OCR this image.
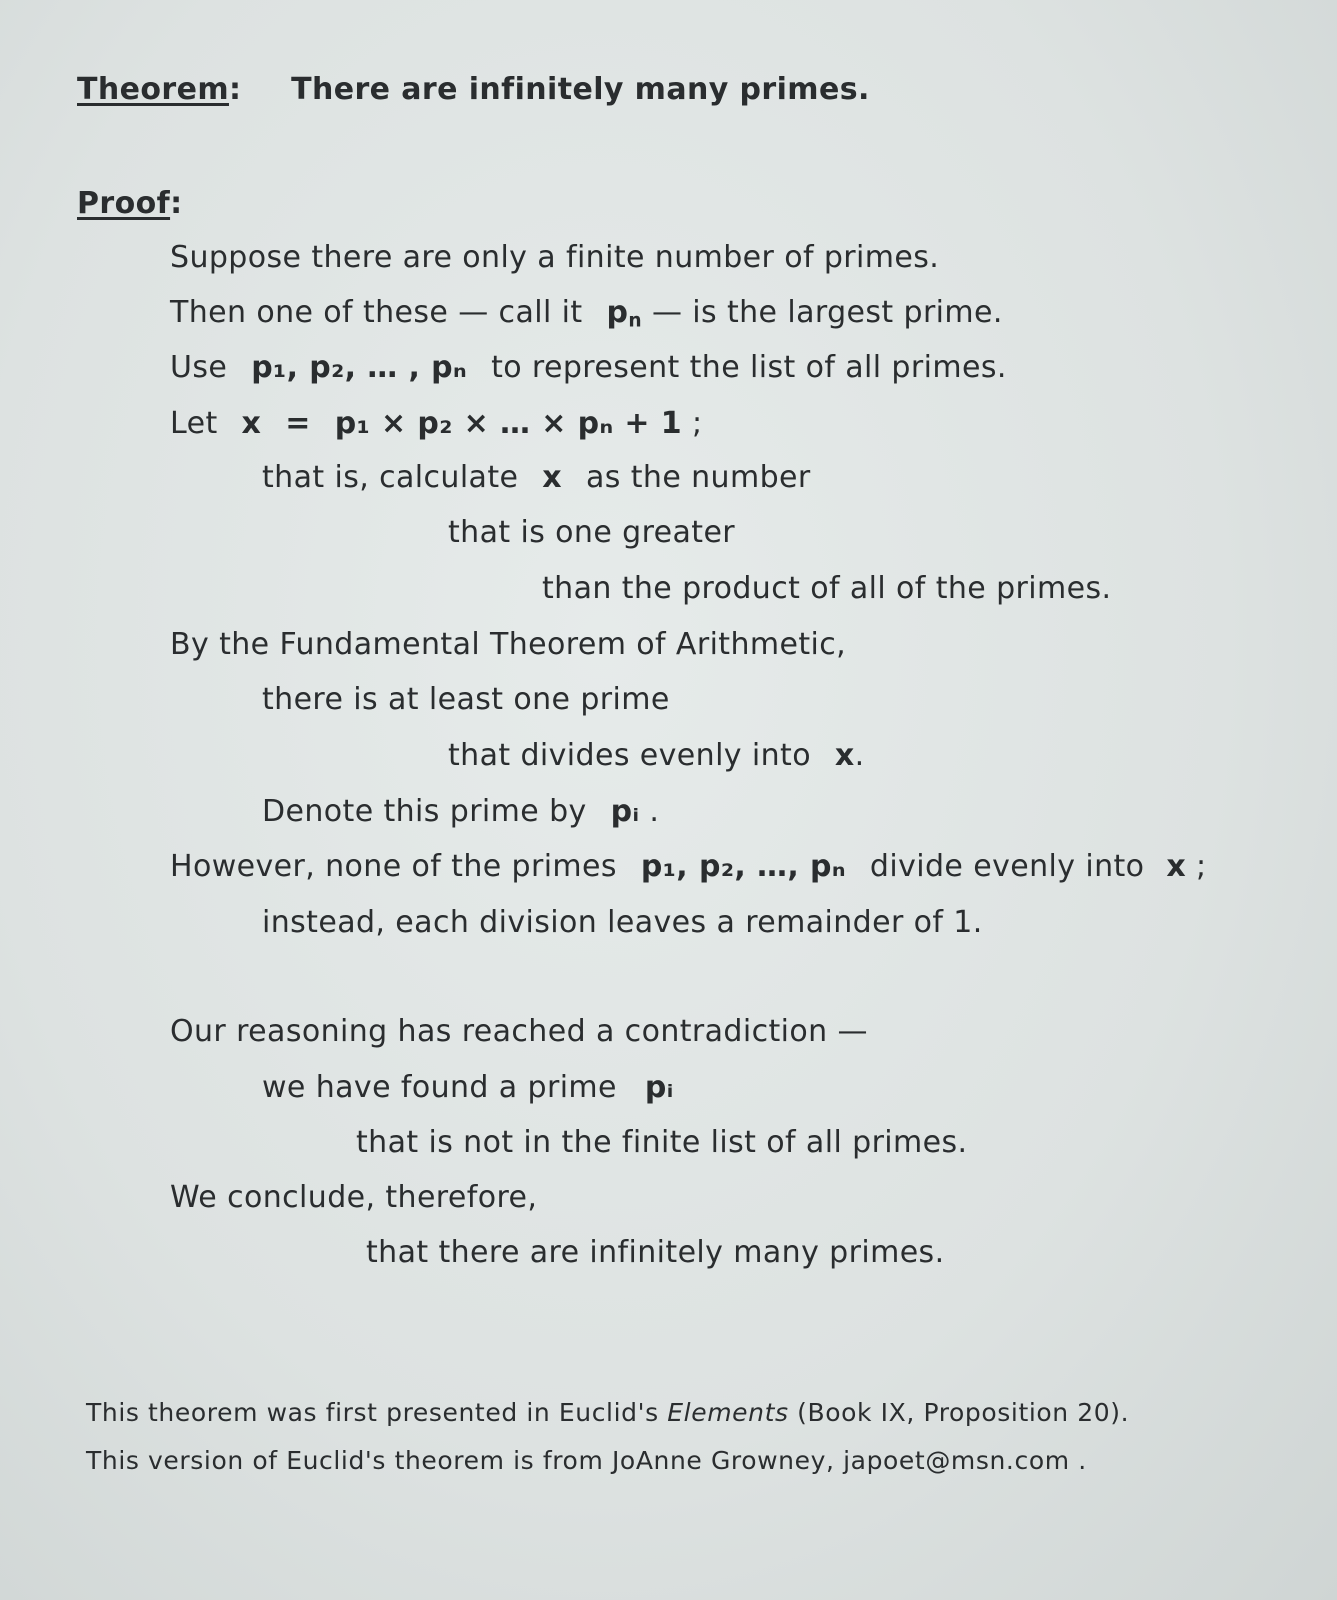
Theorem: There are infinitely many primes.
Proof:
Suppose there are only a finite number of primes.
Then one of these — call it $p_n$ — is the largest prime.
Use p₁, p₂, … , pₙ to represent the list of all primes.
Let x = p₁ × p₂ × … × pₙ + 1 ;
that is, calculate x as the number
that is one greater
than the product of all of the primes.
By the Fundamental Theorem of Arithmetic,
there is at least one prime
that divides evenly into x.
Denote this prime by pᵢ .
However, none of the primes p₁, p₂, …, pₙ divide evenly into x ;
instead, each division leaves a remainder of 1.
Our reasoning has reached a contradiction —
we have found a prime pᵢ
that is not in the finite list of all primes.
We conclude, therefore,
that there are infinitely many primes.
This theorem was first presented in Euclid's Elements (Book IX, Proposition 20).
This version of Euclid's theorem is from JoAnne Growney, japoet@msn.com .
